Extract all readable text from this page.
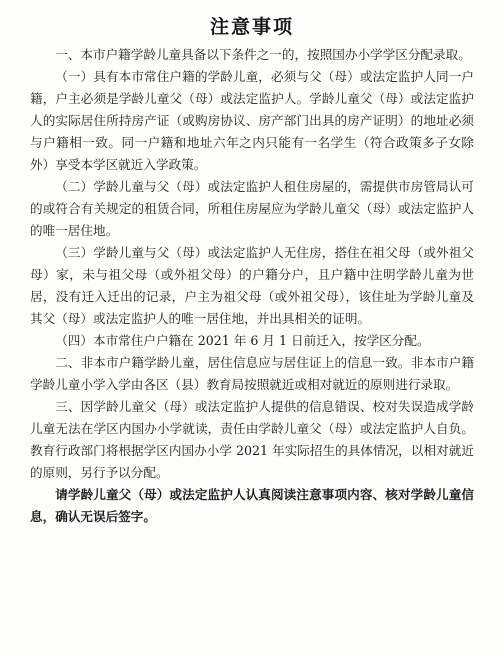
注意事项

一、本市户籍学龄儿童具备以下条件之一的，按照国办小学学区分配录取。

（一）具有本市常住户籍的学龄儿童，必须与父（母）或法定监护人同一户籍，户主必须是学龄儿童父（母）或法定监护人。学龄儿童父（母）或法定监护人的实际居住所持房产证（或购房协议、房产部门出具的房产证明）的地址必须与户籍相一致。同一户籍和地址六年之内只能有一名学生（符合政策多子女除外）享受本学区就近入学政策。

（二）学龄儿童与父（母）或法定监护人租住房屋的，需提供市房管局认可的或符合有关规定的租赁合同，所租住房屋应为学龄儿童父（母）或法定监护人的唯一居住地。

（三）学龄儿童与父（母）或法定监护人无住房，搭住在祖父母（或外祖父母）家，未与祖父母（或外祖父母）的户籍分户，且户籍中注明学龄儿童为世居，没有迁入迁出的记录，户主为祖父母（或外祖父母），该住址为学龄儿童及其父（母）或法定监护人的唯一居住地，并出具相关的证明。

（四）本市常住户户籍在 2021 年 6 月 1 日前迁入，按学区分配。

二、非本市户籍学龄儿童，居住信息应与居住证上的信息一致。非本市户籍学龄儿童小学入学由各区（县）教育局按照就近或相对就近的原则进行录取。

三、因学龄儿童父（母）或法定监护人提供的信息错误、校对失误造成学龄儿童无法在学区内国办小学就读，责任由学龄儿童父（母）或法定监护人自负。教育行政部门将根据学区内国办小学 2021 年实际招生的具体情况，以相对就近的原则，另行予以分配。

请学龄儿童父（母）或法定监护人认真阅读注意事项内容、核对学龄儿童信息，确认无误后签字。
